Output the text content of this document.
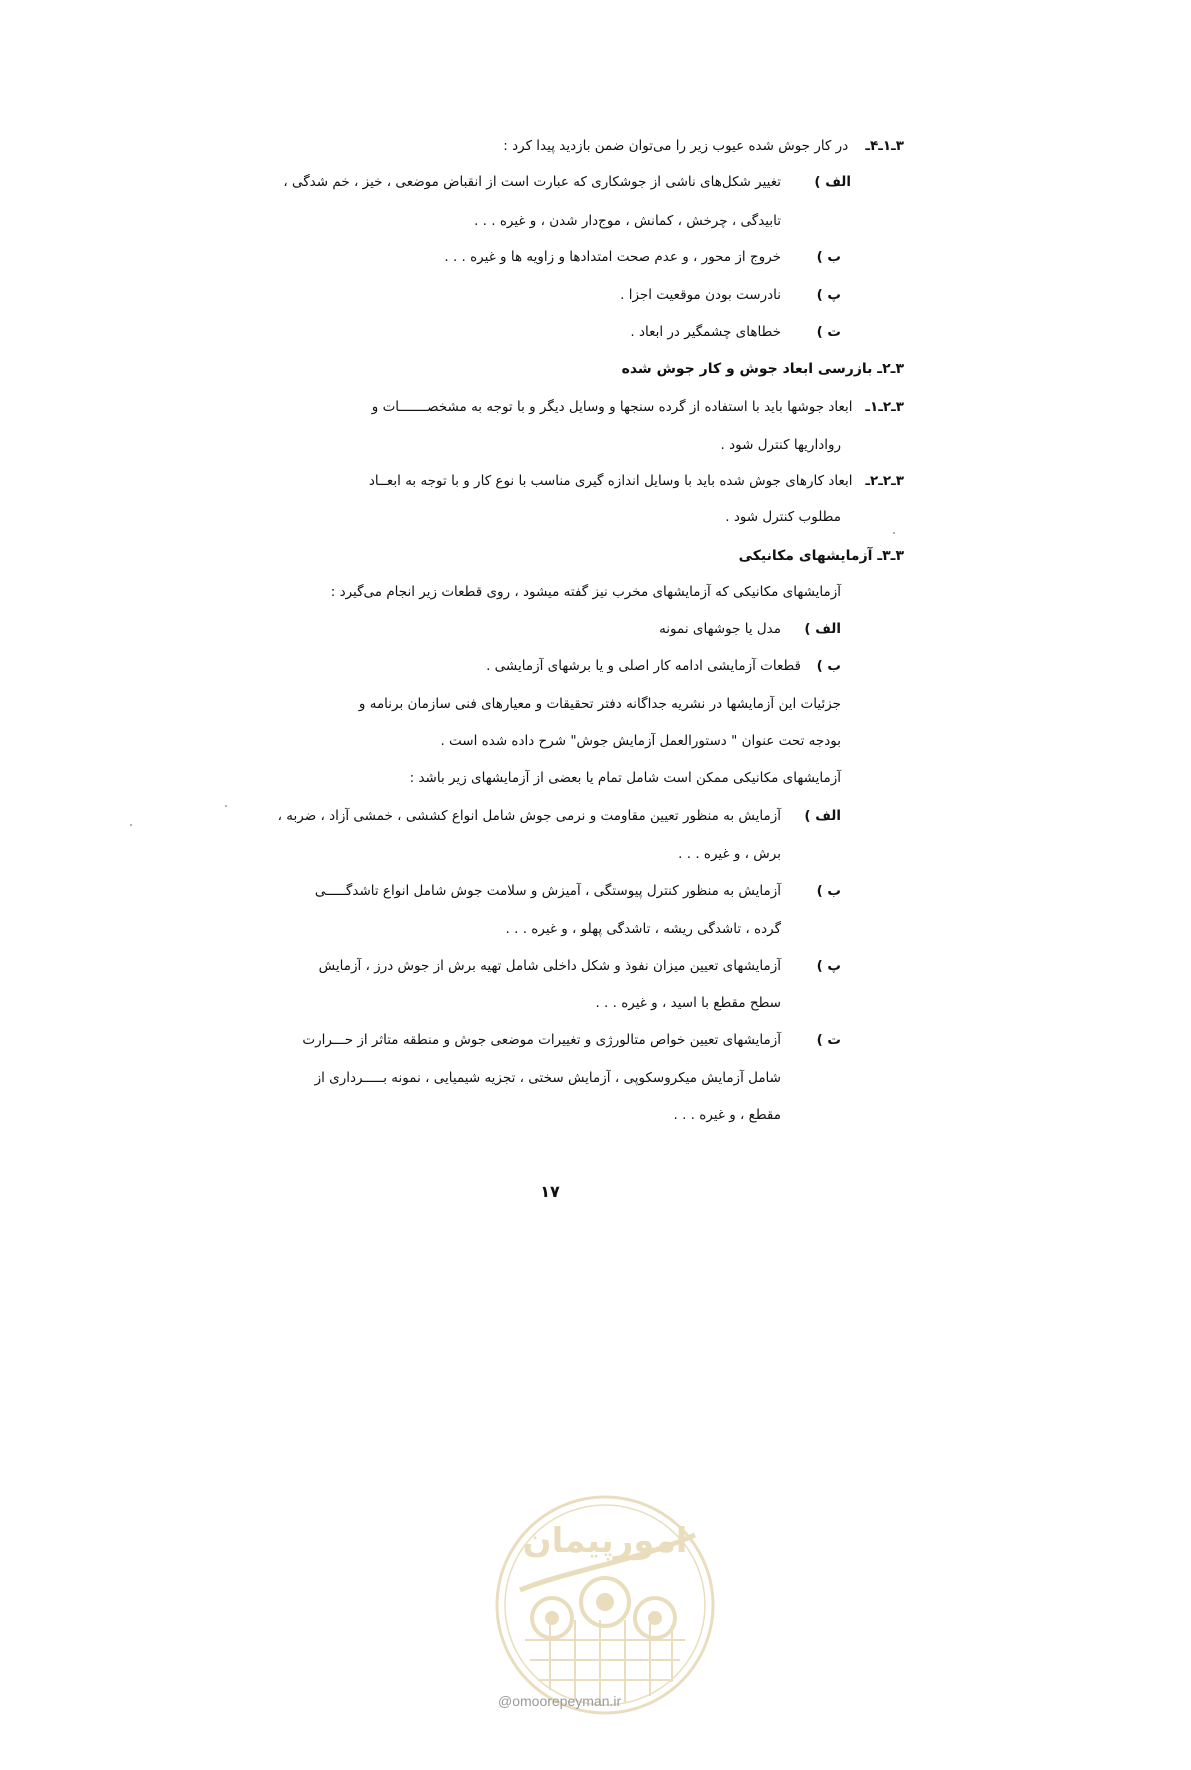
۳ـ۱ـ۴ـ    در کار جوش شده عیوب زیر را می‌توان ضمن بازدید پیدا کرد :
الف )
تغییر شکل‌های ناشی از جوشکاری که عبارت است از انقباض موضعی ، خیز ، خم شدگی ،
تابیدگی ، چرخش ، کمانش ، موج‌دار شدن ، و غیره . . .
ب )
خروج از محور ، و عدم صحت امتدادها و زاویه ها و غیره . . .
پ )
نادرست بودن موقعیت اجزا .
ت )
خطاهای چشمگیر در ابعاد .
۳ـ۲ـ بازرسی ابعاد جوش و کار جوش شده
۳ـ۲ـ۱ـ   ابعاد جوشها باید با استفاده از گرده سنجها و وسایل دیگر و با توجه به مشخصـــــــات و
رواداریها کنترل شود .
۳ـ۲ـ۲ـ   ابعاد کارهای جوش شده باید با وسایل اندازه گیری مناسب با نوع کار و با توجه به ابعــاد
مطلوب کنترل شود .
۳ـ۳ـ آزمایشهای مکانیکی
آزمایشهای مکانیکی که آزمایشهای مخرب نیز گفته میشود ، روی قطعات زیر انجام می‌گیرد :
الف )
مدل یا جوشهای نمونه
ب )
قطعات آزمایشی ادامه کار اصلی و یا برشهای آزمایشی .
جزئیات این آزمایشها در نشریه جداگانه دفتر تحقیقات و معیارهای فنی سازمان برنامه و
بودجه تحت عنوان " دستورالعمل آزمایش جوش" شرح داده شده است .
آزمایشهای مکانیکی ممکن است شامل تمام یا بعضی از آزمایشهای زیر باشد :
الف )
آزمایش به منظور تعیین مقاومت و نرمی جوش شامل انواع کششی ، خمشی آزاد ، ضربه ،
برش ، و غیره . . .
ب )
آزمایش به منظور کنترل پیوستگی ، آمیزش و سلامت جوش شامل انواع تاشدگـــــی
گرده ، تاشدگی ریشه ، تاشدگی پهلو ، و غیره . . .
پ )
آزمایشهای تعیین میزان نفوذ و شکل داخلی شامل تهیه برش از جوش درز ، آزمایش
سطح مقطع با اسید ، و غیره . . .
ت )
آزمایشهای تعیین خواص متالورژی و تغییرات موضعی جوش و منطقه متاثر از حـــرارت
شامل آزمایش میکروسکوپی ، آزمایش سختی ، تجزیه شیمیایی ، نمونه بـــــرداری از
مقطع ، و غیره . . .
۱۷
امورپیمان
@omoorepeyman.ir
